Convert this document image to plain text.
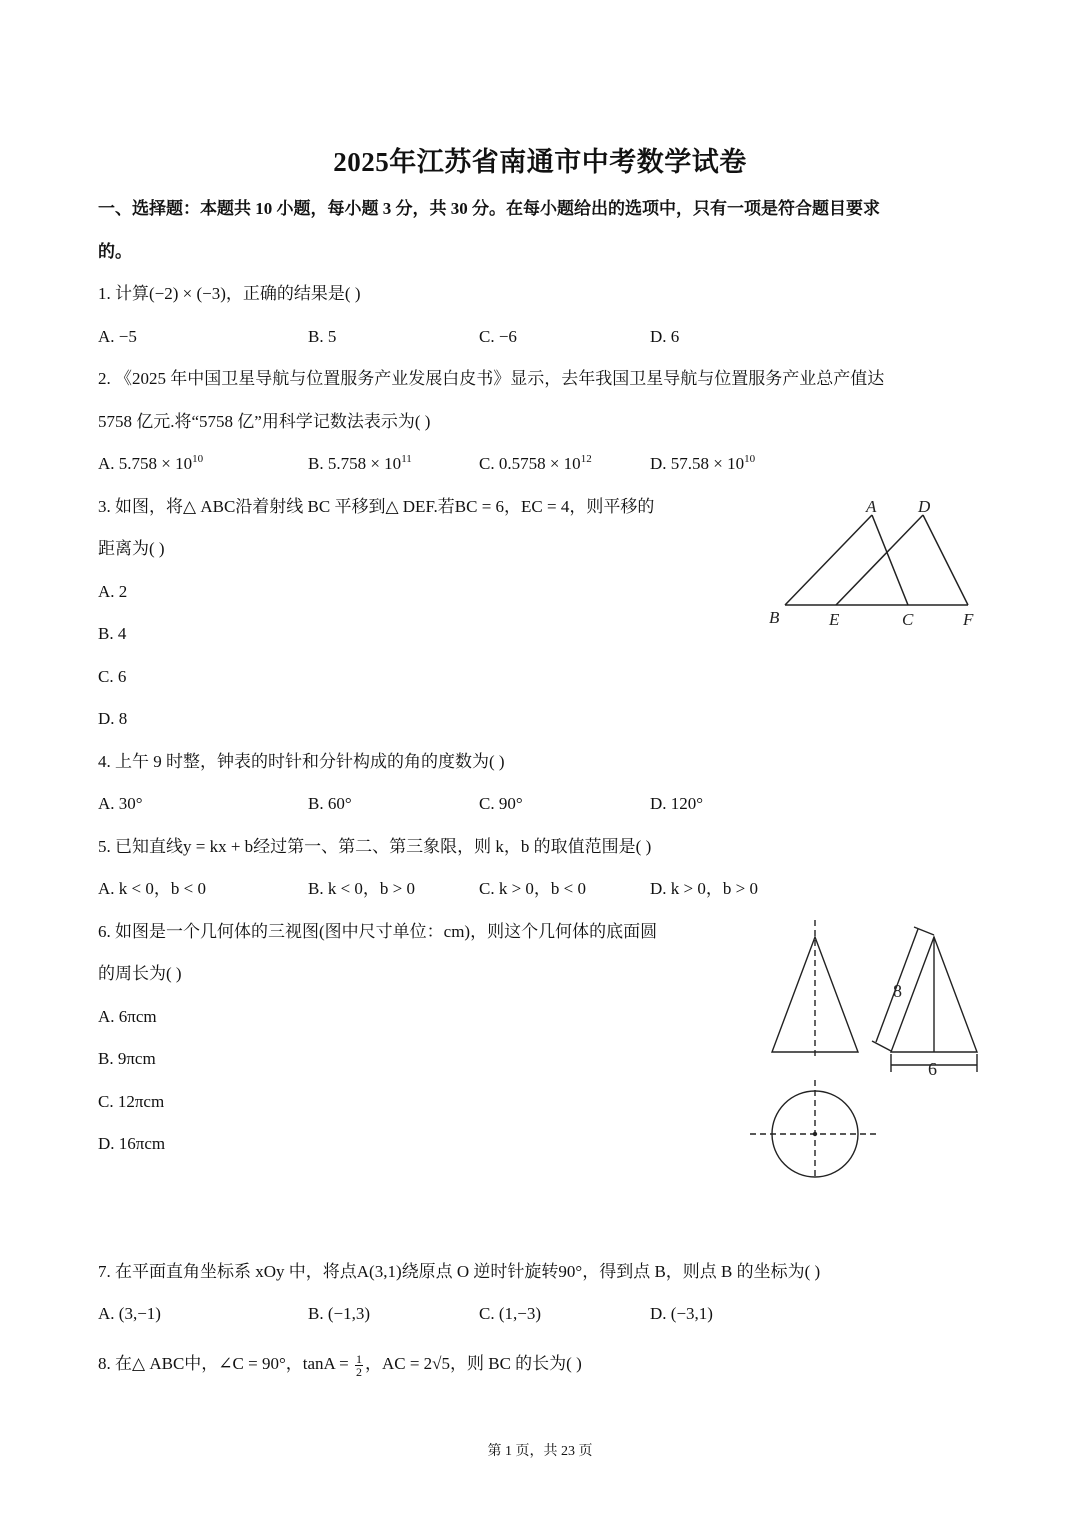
2025年江苏省南通市中考数学试卷
一、选择题：本题共 10 小题，每小题 3 分，共 30 分。在每小题给出的选项中，只有一项是符合题目要求
的。
1. 计算(−2) × (−3)，正确的结果是( )
A. −5	B. 5	C. −6	D. 6
2. 《2025 年中国卫星导航与位置服务产业发展白皮书》显示，去年我国卫星导航与位置服务产业总产值达
5758 亿元.将“5758 亿”用科学记数法表示为( )
A. $5.758 \times 10^{10}$	B. $5.758 \times 10^{11}$	C. $0.5758 \times 10^{12}$	D. $57.58 \times 10^{10}$
3. 如图，将△ ABC沿着射线 BC 平移到△ DEF.若BC = 6，EC = 4，则平移的
距离为( )
A. 2
B. 4
C. 6
D. 8
A D
B	E	C	F
4. 上午 9 时整，钟表的时针和分针构成的角的度数为( )
A. 30°	B. 60°	C. 90°	D. 120°
5. 已知直线y = kx + b经过第一、第二、第三象限，则 k，b 的取值范围是( )
A. k < 0，b < 0	B. k < 0，b > 0	C. k > 0，b < 0	D. k > 0，b > 0
6. 如图是一个几何体的三视图(图中尺寸单位：cm)，则这个几何体的底面圆
的周长为( )
A. 6πcm
B. 9πcm
C. 12πcm
D. 16πcm
8
6
7. 在平面直角坐标系 xOy 中，将点A(3,1)绕原点 O 逆时针旋转90°，得到点 B，则点 B 的坐标为( )
A. (3,−1)	B. (−1,3)	C. (1,−3)	D. (−3,1)
8. 在△ ABC中，∠C = 90°，$\tan A = \frac{1}{2}$ ，AC = 2√5，则 BC 的长为( )
第 1 页，共 23 页
